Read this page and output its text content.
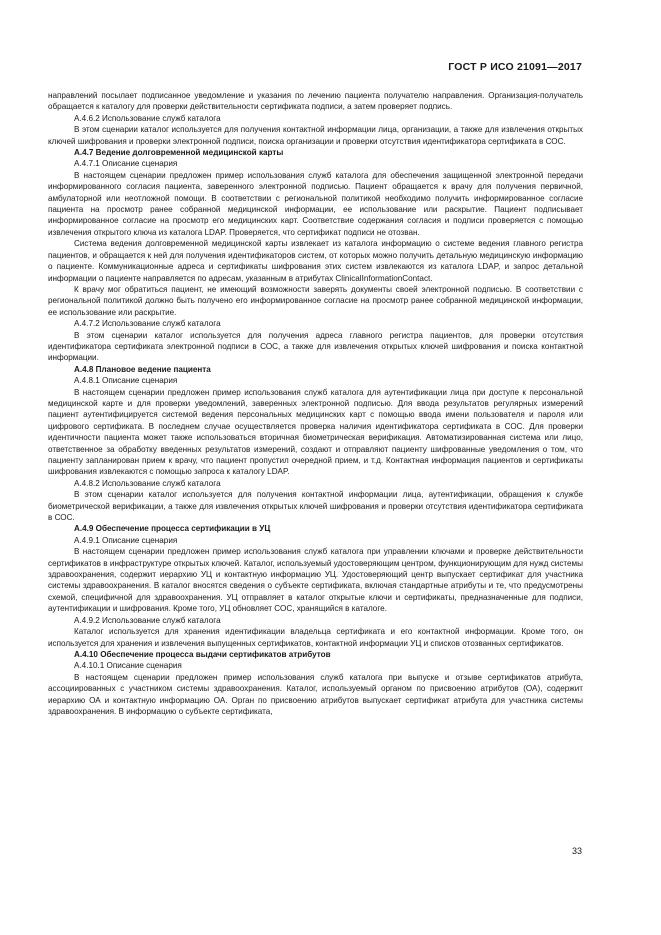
ГОСТ Р ИСО 21091—2017

направлений посылает подписанное уведомление и указания по лечению пациента получателю направления. Организация-получатель обращается к каталогу для проверки действительности сертификата подписи, а затем проверяет подпись.

А.4.6.2 Использование служб каталога

В этом сценарии каталог используется для получения контактной информации лица, организации, а также для извлечения открытых ключей шифрования и проверки электронной подписи, поиска организации и проверки отсутствия идентификатора сертификата в СОС.

А.4.7 Ведение долговременной медицинской карты

А.4.7.1 Описание сценария

В настоящем сценарии предложен пример использования служб каталога для обеспечения защищенной электронной передачи информированного согласия пациента, заверенного электронной подписью. Пациент обращается к врачу для получения первичной, амбулаторной или неотложной помощи. В соответствии с региональной политикой необходимо получить информированное согласие пациента на просмотр ранее собранной медицинской информации, ее использование или раскрытие. Пациент подписывает информированное согласие на просмотр его медицинских карт. Соответствие содержания согласия и подписи проверяется с помощью извлечения открытого ключа из каталога LDAP. Проверяется, что сертификат подписи не отозван.

Система ведения долговременной медицинской карты извлекает из каталога информацию о системе ведения главного регистра пациентов, и обращается к ней для получения идентификаторов систем, от которых можно получить детальную медицинскую информацию о пациенте. Коммуникационные адреса и сертификаты шифрования этих систем извлекаются из каталога LDAP, и запрос детальной информации о пациенте направляется по адресам, указанным в атрибутах ClinicalInformationContact.

К врачу мог обратиться пациент, не имеющий возможности заверять документы своей электронной подписью. В соответствии с региональной политикой должно быть получено его информированное согласие на просмотр ранее собранной медицинской информации, ее использование или раскрытие.

А.4.7.2 Использование служб каталога

В этом сценарии каталог используется для получения адреса главного регистра пациентов, для проверки отсутствия идентификатора сертификата электронной подписи в СОС, а также для извлечения открытых ключей шифрования и поиска контактной информации.

А.4.8 Плановое ведение пациента

А.4.8.1 Описание сценария

В настоящем сценарии предложен пример использования служб каталога для аутентификации лица при доступе к персональной медицинской карте и для проверки уведомлений, заверенных электронной подписью. Для ввода результатов регулярных измерений пациент аутентифицируется системой ведения персональных медицинских карт с помощью ввода имени пользователя и пароля или цифрового сертификата. В последнем случае осуществляется проверка наличия идентификатора сертификата в СОС. Для проверки идентичности пациента может также использоваться вторичная биометрическая верификация. Автоматизированная система или лицо, ответственное за обработку введенных результатов измерений, создают и отправляют пациенту шифрованные уведомления о том, что пациенту запланирован прием к врачу, что пациент пропустил очередной прием, и т.д. Контактная информация пациентов и сертификаты шифрования извлекаются с помощью запроса к каталогу LDAP.

А.4.8.2 Использование служб каталога

В этом сценарии каталог используется для получения контактной информации лица, аутентификации, обращения к службе биометрической верификации, а также для извлечения открытых ключей шифрования и проверки отсутствия идентификатора сертификата в СОС.

А.4.9 Обеспечение процесса сертификации в УЦ

А.4.9.1 Описание сценария

В настоящем сценарии предложен пример использования служб каталога при управлении ключами и проверке действительности сертификатов в инфраструктуре открытых ключей. Каталог, используемый удостоверяющим центром, функционирующим для нужд системы здравоохранения, содержит иерархию УЦ и контактную информацию УЦ. Удостоверяющий центр выпускает сертификат для участника системы здравоохранения. В каталог вносятся сведения о субъекте сертификата, включая стандартные атрибуты и те, что предусмотрены схемой, специфичной для здравоохранения. УЦ отправляет в каталог открытые ключи и сертификаты, предназначенные для подписи, аутентификации и шифрования. Кроме того, УЦ обновляет СОС, хранящийся в каталоге.

А.4.9.2 Использование служб каталога

Каталог используется для хранения идентификации владельца сертификата и его контактной информации. Кроме того, он используется для хранения и извлечения выпущенных сертификатов, контактной информации УЦ и списков отозванных сертификатов.

А.4.10 Обеспечение процесса выдачи сертификатов атрибутов

А.4.10.1 Описание сценария

В настоящем сценарии предложен пример использования служб каталога при выпуске и отзыве сертификатов атрибута, ассоциированных с участником системы здравоохранения. Каталог, используемый органом по присвоению атрибутов (ОА), содержит иерархию ОА и контактную информацию ОА. Орган по присвоению атрибутов выпускает сертификат атрибута для участника системы здравоохранения. В информацию о субъекте сертификата,

33
